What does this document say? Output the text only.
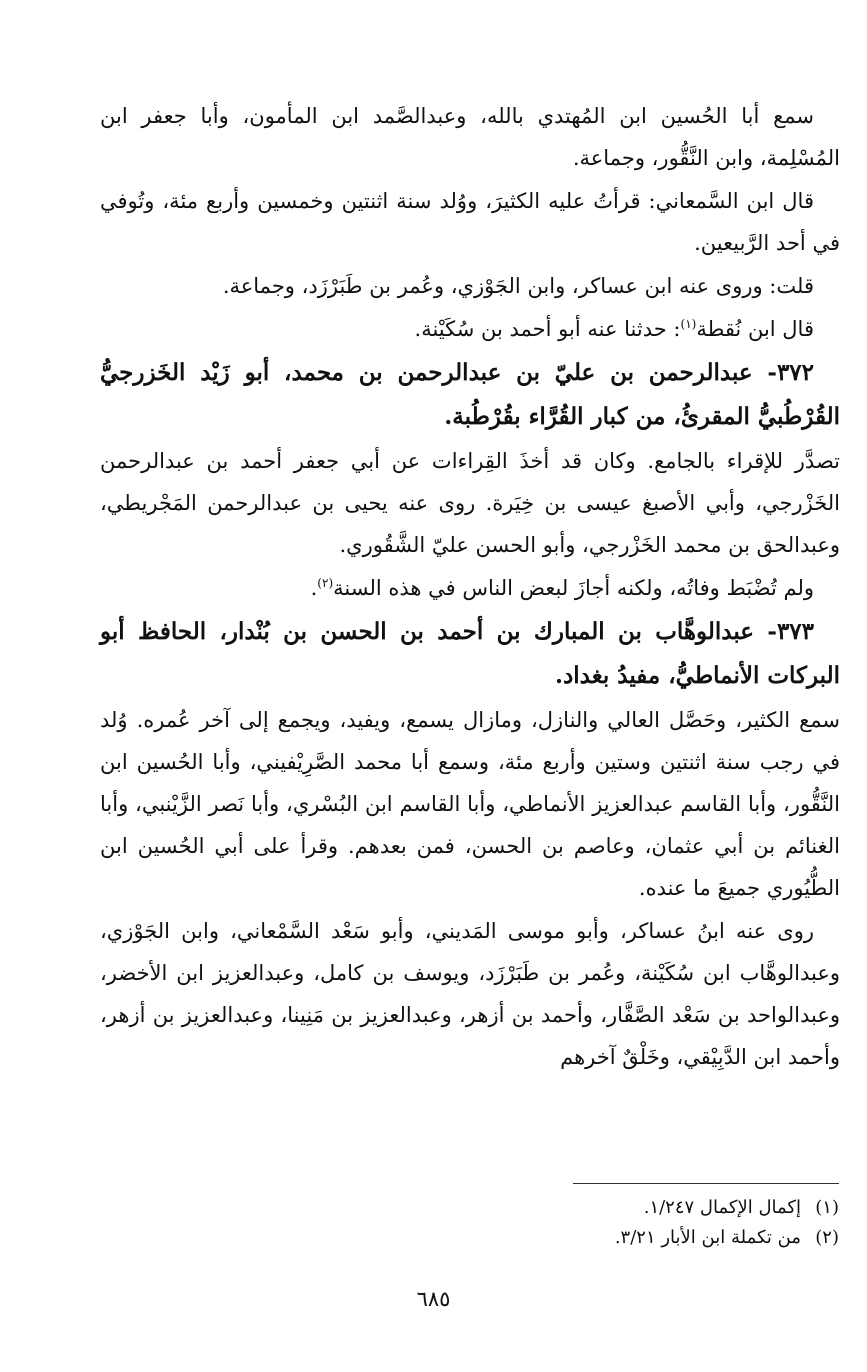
سمع أبا الحُسين ابن المُهتدي بالله، وعبدالصَّمد ابن المأمون، وأبا جعفر ابن المُسْلِمة، وابن النَّقُّور، وجماعة.

قال ابن السَّمعاني: قرأتُ عليه الكثيرَ، ووُلد سنة اثنتين وخمسين وأربع مئة، وتُوفي في أحد الرَّبيعين.

قلت: وروى عنه ابن عساكر، وابن الجَوْزي، وعُمر بن طَبَرْزَد، وجماعة.

قال ابن نُقطة$^{(١)}$: حدثنا عنه أبو أحمد بن سُكَيْنة.

٣٧٢- عبدالرحمن بن عليّ بن عبدالرحمن بن محمد، أبو زَيْد الخَزرجيُّ القُرْطُبيُّ المقرئُ، من كبار القُرَّاء بقُرْطُبة.

تصدَّر للإقراء بالجامع. وكان قد أخذَ القِراءات عن أبي جعفر أحمد بن عبدالرحمن الخَزْرجي، وأبي الأصبغ عيسى بن خِيَرة. روى عنه يحيى بن عبدالرحمن المَجْريطي، وعبدالحق بن محمد الخَزْرجي، وأبو الحسن عليّ الشَّقُوري.

ولم تُضْبَط وفاتُه، ولكنه أجازَ لبعض الناس في هذه السنة$^{(٢)}$.

٣٧٣- عبدالوهَّاب بن المبارك بن أحمد بن الحسن بن بُنْدار، الحافظ أبو البركات الأنماطيُّ، مفيدُ بغداد.

سمع الكثير، وحَصَّل العالي والنازل، ومازال يسمع، ويفيد، ويجمع إلى آخر عُمره. وُلد في رجب سنة اثنتين وستين وأربع مئة، وسمع أبا محمد الصَّرِيْفيني، وأبا الحُسين ابن النَّقُّور، وأبا القاسم عبدالعزيز الأنماطي، وأبا القاسم ابن البُسْري، وأبا نَصر الزَّيْنبي، وأبا الغنائم بن أبي عثمان، وعاصم بن الحسن، فمن بعدهم. وقرأ على أبي الحُسين ابن الطُّيُوري جميعَ ما عنده.

روى عنه ابنُ عساكر، وأبو موسى المَديني، وأبو سَعْد السَّمْعاني، وابن الجَوْزي، وعبدالوهَّاب ابن سُكَيْنة، وعُمر بن طَبَرْزَد، ويوسف بن كامل، وعبدالعزيز ابن الأخضر، وعبدالواحد بن سَعْد الصَّفَّار، وأحمد بن أزهر، وعبدالعزيز بن مَنِينا، وعبدالعزيز بن أزهر، وأحمد ابن الدَّبِيْقي، وخَلْقٌ آخرهم

(١)
إكمال الإكمال ١/٢٤٧.
(٢)
من تكملة ابن الأبار ٣/٢١.
٦٨٥
